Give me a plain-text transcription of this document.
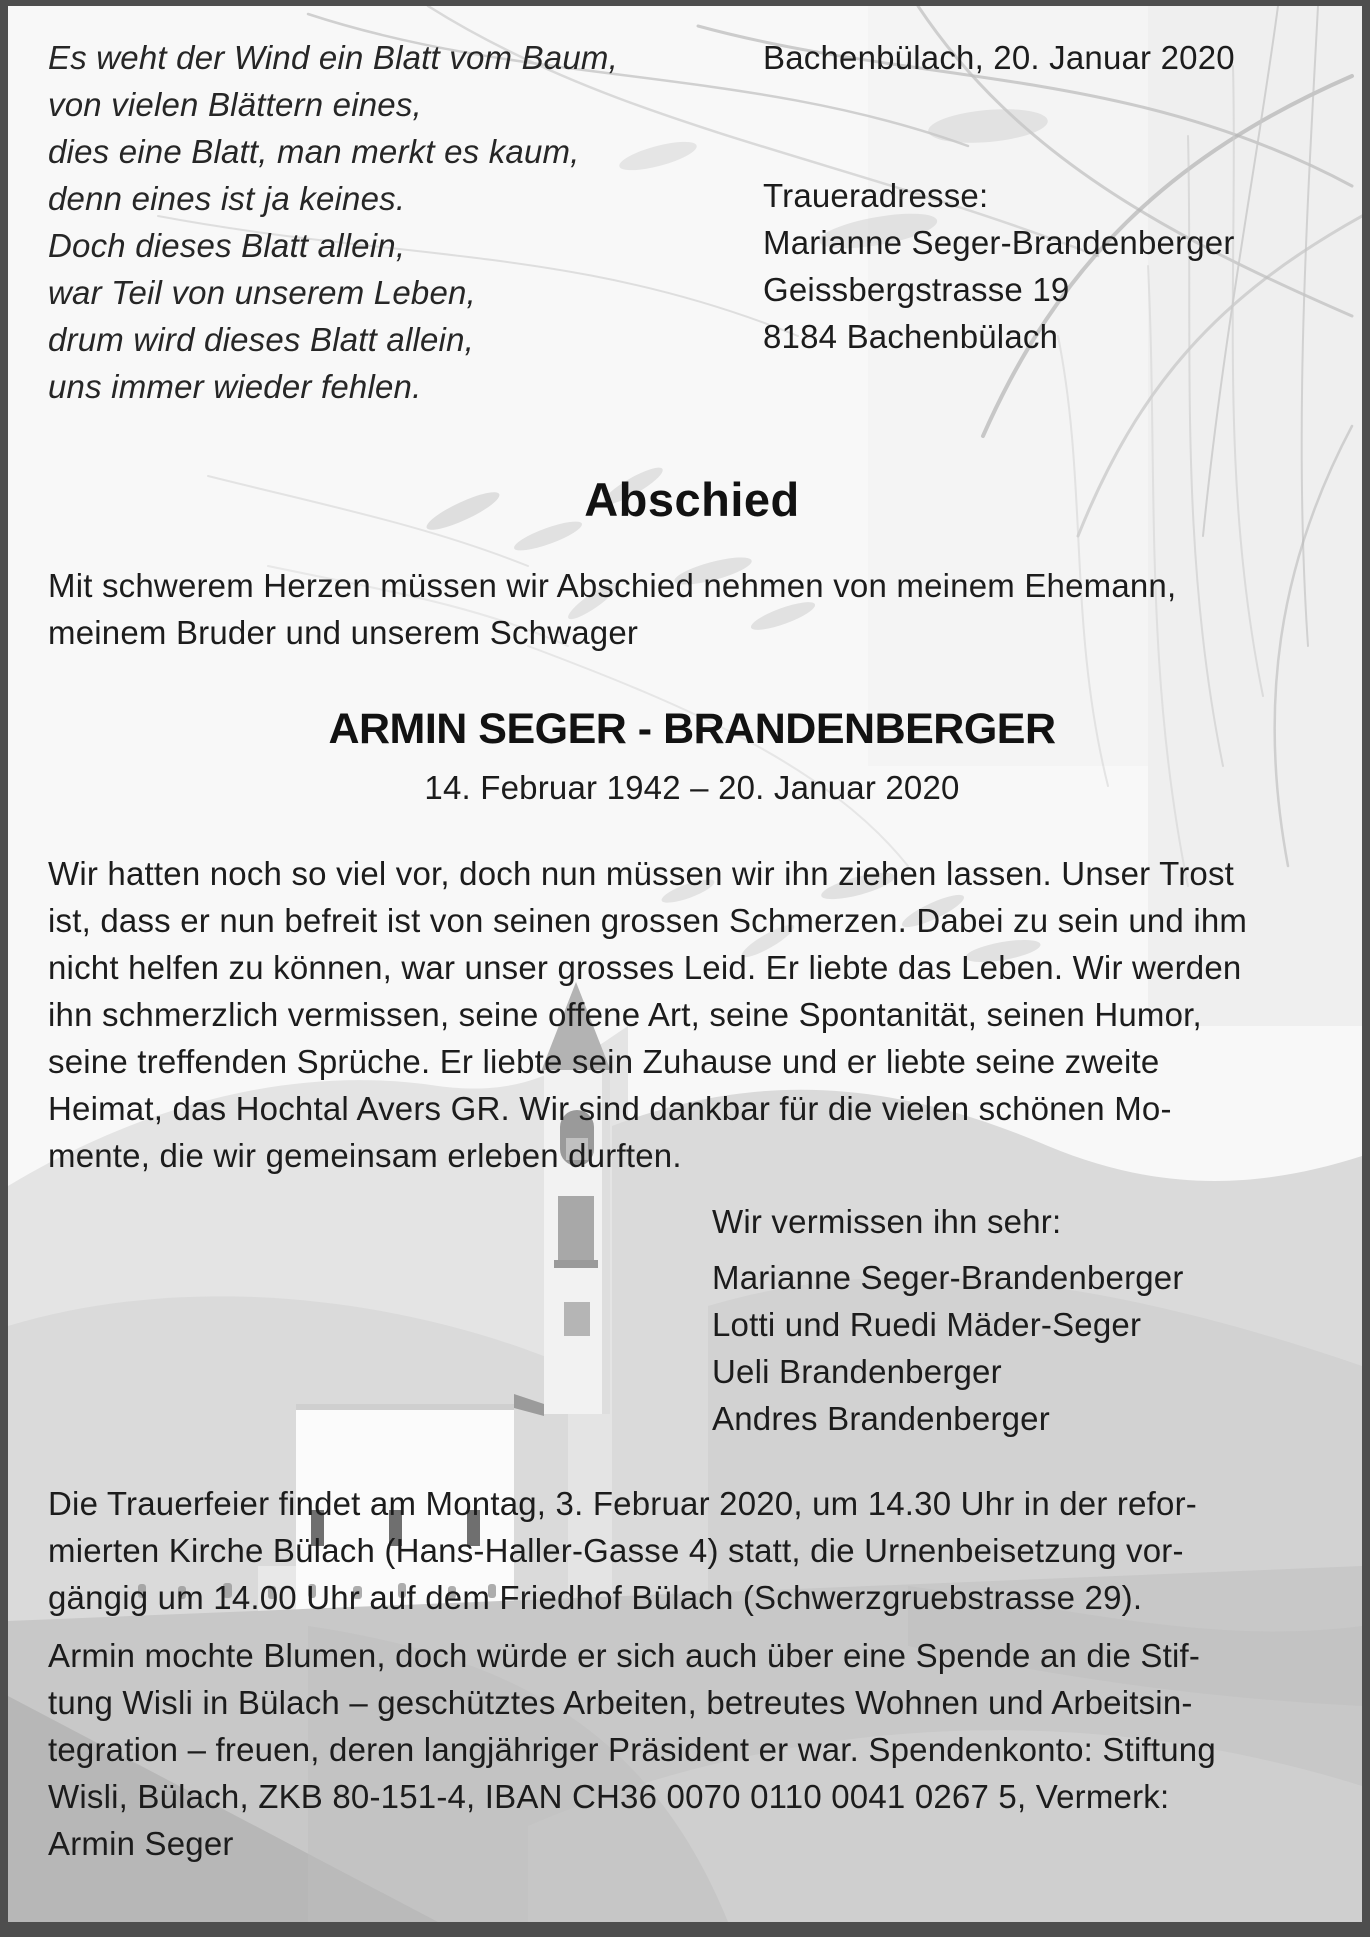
Es weht der Wind ein Blatt vom Baum,
von vielen Blättern eines,
dies eine Blatt, man merkt es kaum,
denn eines ist ja keines.
Doch dieses Blatt allein,
war Teil von unserem Leben,
drum wird dieses Blatt allein,
uns immer wieder fehlen.
Bachenbülach, 20. Januar 2020
Traueradresse:
Marianne Seger-Brandenberger
Geissbergstrasse 19
8184 Bachenbülach
Abschied
Mit schwerem Herzen müssen wir Abschied nehmen von meinem Ehemann,
meinem Bruder und unserem Schwager
ARMIN SEGER - BRANDENBERGER
14. Februar 1942 – 20. Januar 2020
Wir hatten noch so viel vor, doch nun müssen wir ihn ziehen lassen. Unser Trost
ist, dass er nun befreit ist von seinen grossen Schmerzen. Dabei zu sein und ihm
nicht helfen zu können, war unser grosses Leid. Er liebte das Leben. Wir werden
ihn schmerzlich vermissen, seine offene Art, seine Spontanität, seinen Humor,
seine treffenden Sprüche. Er liebte sein Zuhause und er liebte seine zweite
Heimat, das Hochtal Avers GR. Wir sind dankbar für die vielen schönen Mo-
mente, die wir gemeinsam erleben durften.
Wir vermissen ihn sehr:
Marianne Seger-Brandenberger
Lotti und Ruedi Mäder-Seger
Ueli Brandenberger
Andres Brandenberger
Die Trauerfeier findet am Montag, 3. Februar 2020, um 14.30 Uhr in der refor-
mierten Kirche Bülach (Hans-Haller-Gasse 4) statt, die Urnenbeisetzung vor-
gängig um 14.00 Uhr auf dem Friedhof Bülach (Schwerzgruebstrasse 29).
Armin mochte Blumen, doch würde er sich auch über eine Spende an die Stif-
tung Wisli in Bülach – geschütztes Arbeiten, betreutes Wohnen und Arbeitsin-
tegration – freuen, deren langjähriger Präsident er war. Spendenkonto: Stiftung
Wisli, Bülach, ZKB 80-151-4, IBAN CH36 0070 0110 0041 0267 5, Vermerk:
Armin Seger
